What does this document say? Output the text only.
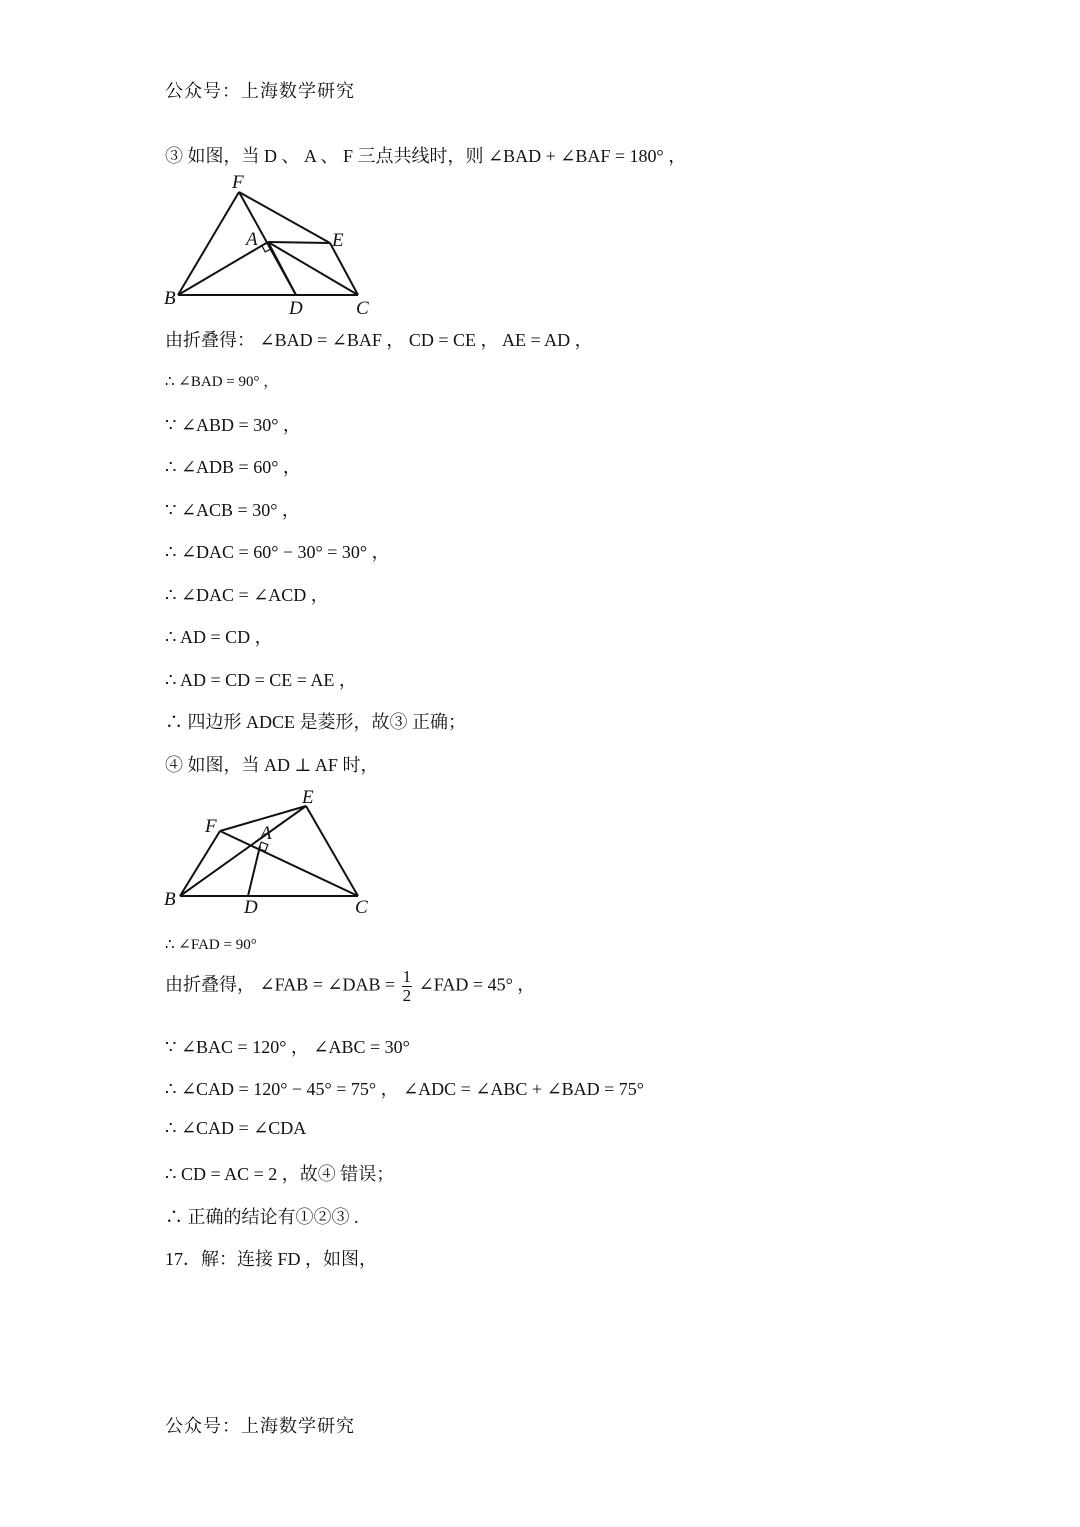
公众号：上海数学研究
③ 如图，当 D 、 A 、 F 三点共线时，则 ∠BAD + ∠BAF = 180° ，
F
A	E
B	D	C
由折叠得： ∠BAD = ∠BAF ， CD = CE ， AE = AD ，
∴ ∠BAD = 90° ，
∵ ∠ABD = 30° ，
∴ ∠ADB = 60° ，
∵ ∠ACB = 30° ，
∴ ∠DAC = 60° − 30° = 30° ，
∴ ∠DAC = ∠ACD ，
∴ AD = CD ，
∴ AD = CD = CE = AE ，
∴ 四边形 ADCE 是菱形，故③ 正确；
④ 如图，当 AD ⊥ AF 时，
E
F A
B	D	C
∴ ∠FAD = 90°
由折叠得， ∠FAB = ∠DAB = $\frac{1}{2}$ ∠FAD = 45° ，
∵ ∠BAC = 120° ， ∠ABC = 30°
∴ ∠CAD = 120° − 45° = 75° ， ∠ADC = ∠ABC + ∠BAD = 75°
∴ ∠CAD = ∠CDA
∴ CD = AC = 2 ，故④ 错误；
∴ 正确的结论有①②③ .
17．解：连接 FD ，如图，
公众号：上海数学研究
